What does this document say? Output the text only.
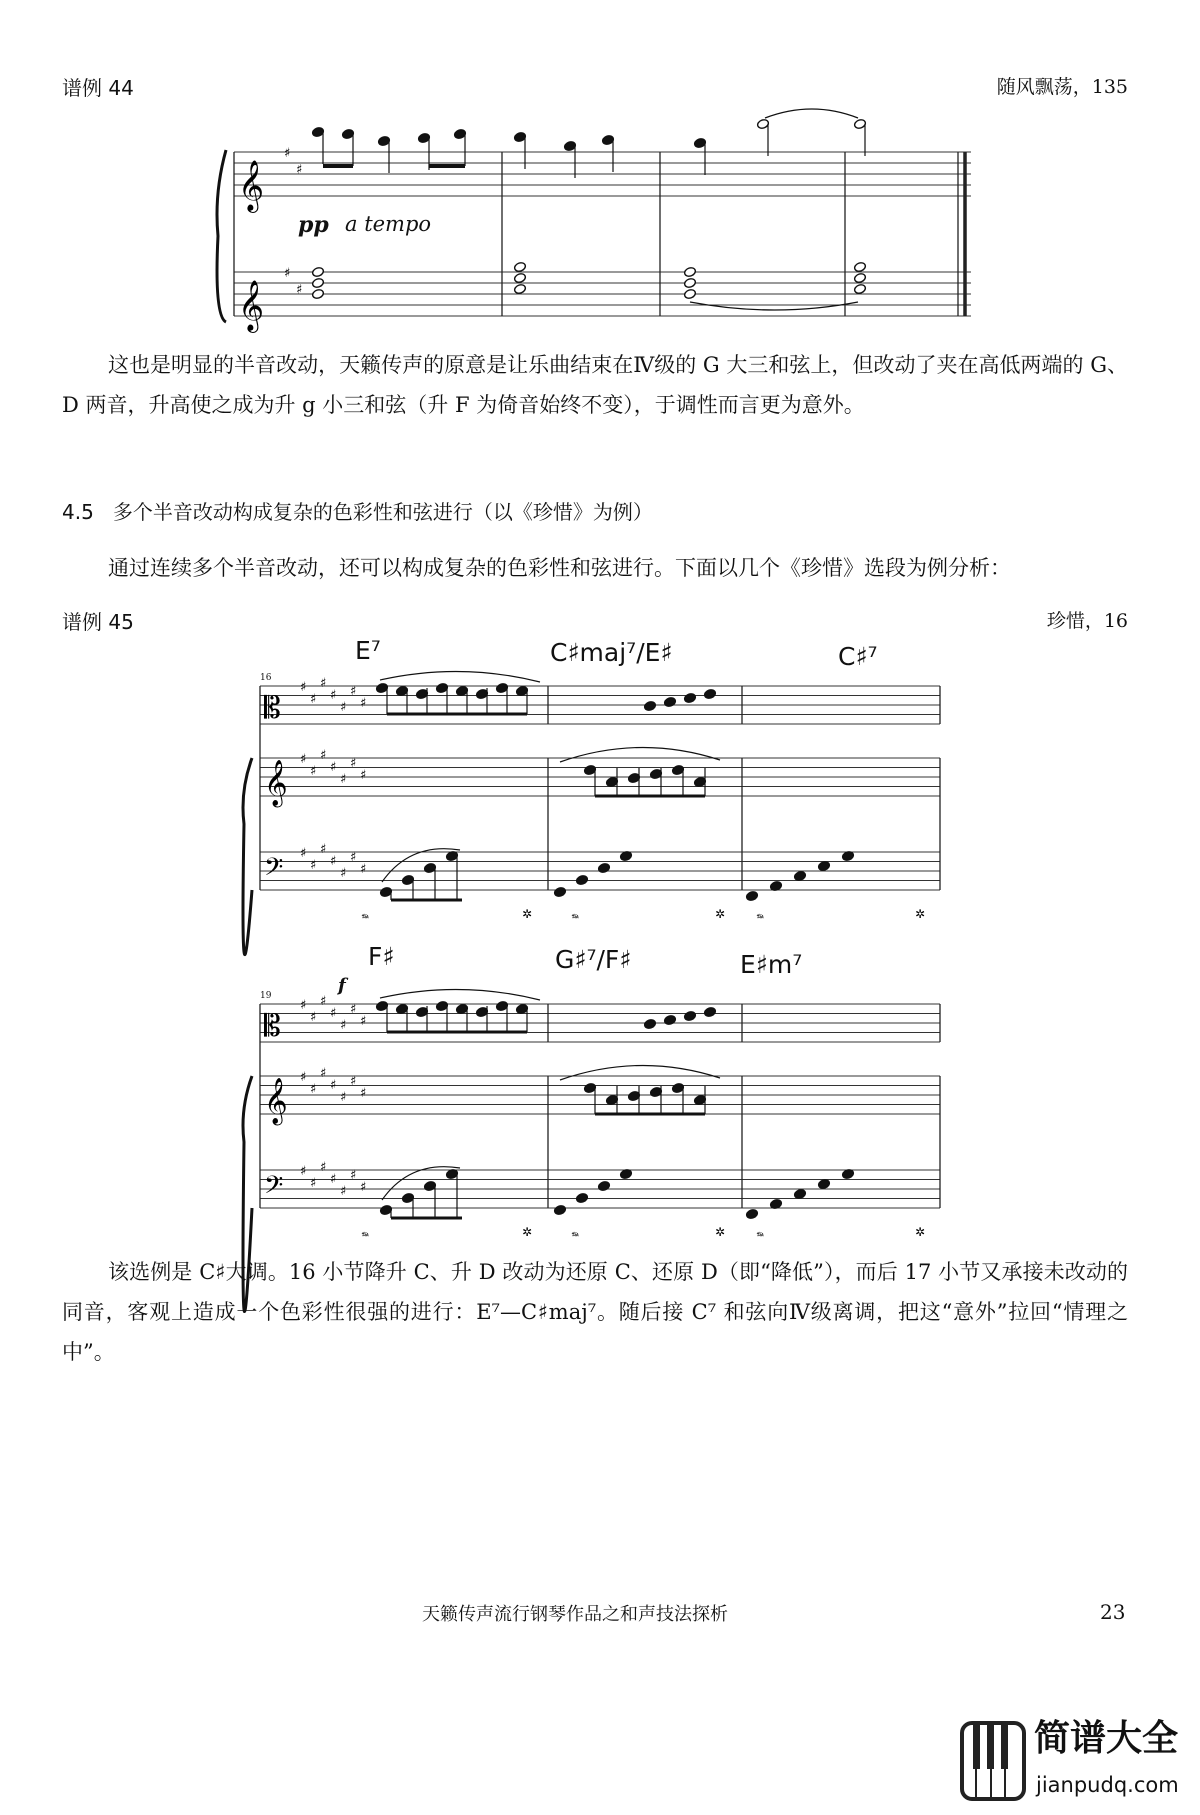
谱例 44	随风飘荡，135
𝄞
𝄞
♯
♯
♯
♯
𝄡
𝄞
𝄢
♯
♯
♯
♯
♯
♯
♯
♯
♯
♯
♯
♯
♯
♯
♯
♯
♯
♯
♯
♯
♯
𝆮	𝆮	𝆮
✲	✲	✲
𝄡
𝄞
𝄢
♯
♯
♯
♯
♯
♯
♯
♯
♯
♯
♯
♯
♯
♯
♯
♯
♯
♯
♯
♯
♯
𝆮	𝆮	𝆮
✲	✲	✲
pp a tempo
这也是明显的半音改动，天籁传声的原意是让乐曲结束在Ⅳ级的 G 大三和弦上，但改动了夹在高低两端的 G、D 两音，升高使之成为升 g 小三和弦（升 F 为倚音始终不变），于调性而言更为意外。
4.5 多个半音改动构成复杂的色彩性和弦进行（以《珍惜》为例）
通过连续多个半音改动，还可以构成复杂的色彩性和弦进行。下面以几个《珍惜》选段为例分析：
谱例 45	珍惜，16
E⁷	C♯maj⁷/E♯	C♯⁷
16
F♯	G♯⁷/F♯	E♯m⁷
f
19
该选例是 C♯大调。16 小节降升 C、升 D 改动为还原 C、还原 D（即“降低”），而后 17 小节又承接未改动的同音，客观上造成一个色彩性很强的进行：E⁷—C♯maj⁷。随后接 C⁷ 和弦向Ⅳ级离调，把这“意外”拉回“情理之中”。
天籁传声流行钢琴作品之和声技法探析	23
简谱大全
jianpudq.com
